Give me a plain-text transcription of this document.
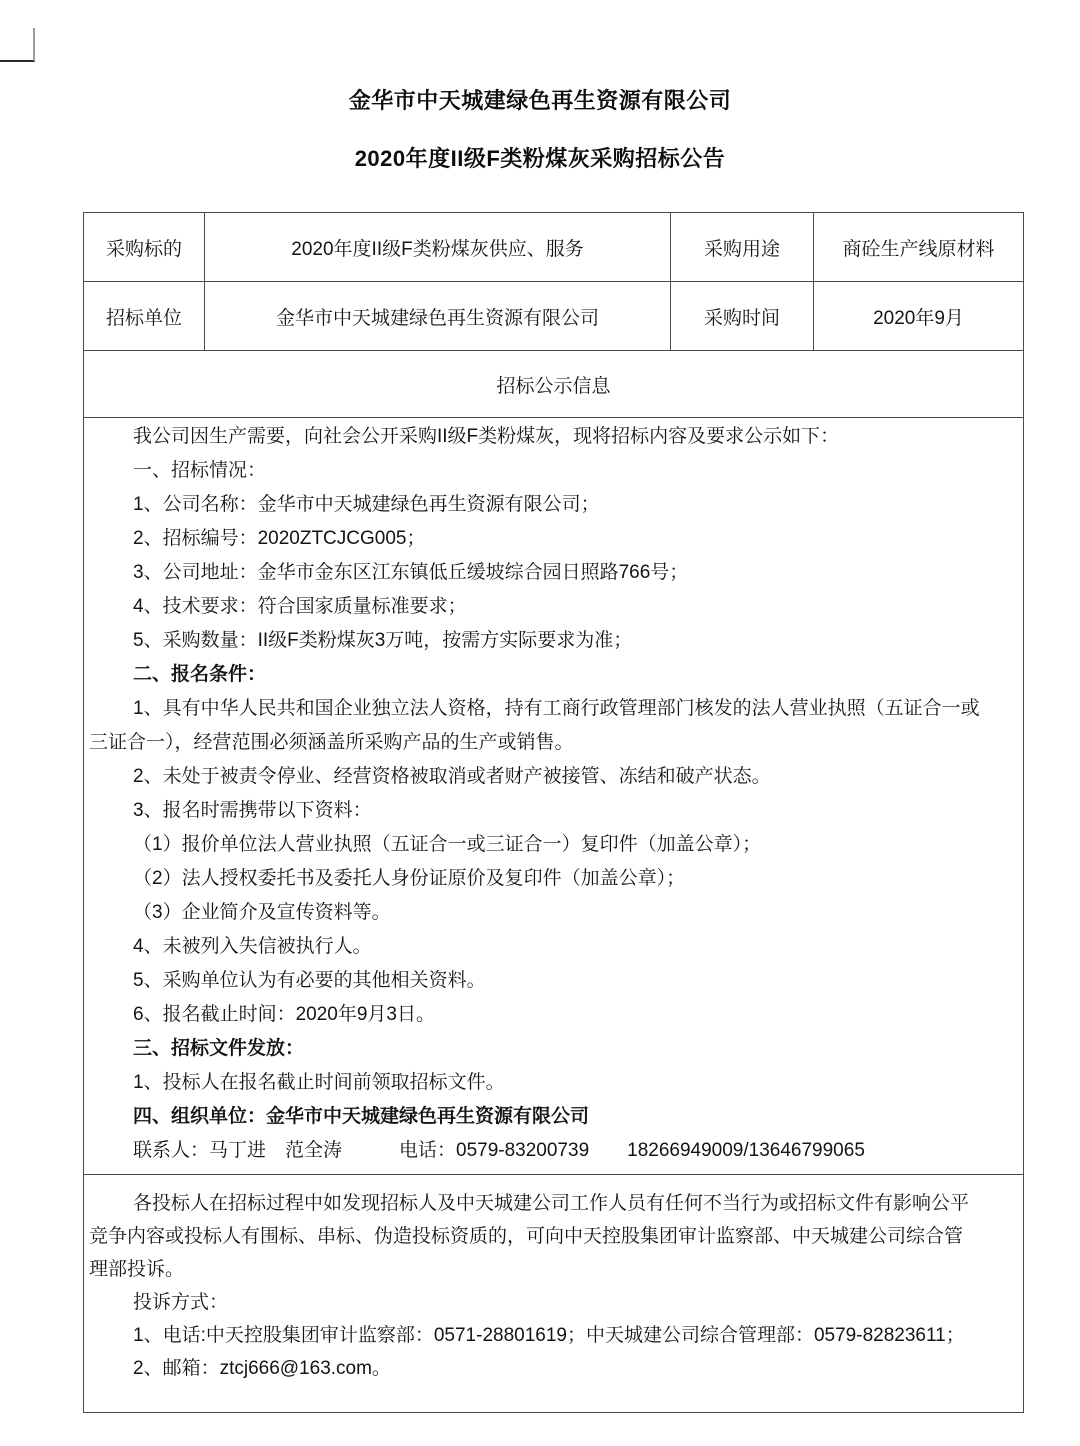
金华市中天城建绿色再生资源有限公司
2020年度II级F类粉煤灰采购招标公告
采购标的	2020年度II级F类粉煤灰供应、服务	采购用途	商砼生产线原材料
招标单位	金华市中天城建绿色再生资源有限公司	采购时间	2020年9月
招标公示信息			

我公司因生产需要，向社会公开采购II级F类粉煤灰，现将招标内容及要求公示如下：
一、招标情况：
1、公司名称：金华市中天城建绿色再生资源有限公司；
2、招标编号：2020ZTCJCG005；
3、公司地址：金华市金东区江东镇低丘缓坡综合园日照路766号；
4、技术要求：符合国家质量标准要求；
5、采购数量：II级F类粉煤灰3万吨，按需方实际要求为准；
二、报名条件：
1、具有中华人民共和国企业独立法人资格，持有工商行政管理部门核发的法人营业执照（五证合一或
三证合一），经营范围必须涵盖所采购产品的生产或销售。
2、未处于被责令停业、经营资格被取消或者财产被接管、冻结和破产状态。
3、报名时需携带以下资料：
（1）报价单位法人营业执照（五证合一或三证合一）复印件（加盖公章）；
（2）法人授权委托书及委托人身份证原价及复印件（加盖公章）；
（3）企业简介及宣传资料等。
4、未被列入失信被执行人。
5、采购单位认为有必要的其他相关资料。
6、报名截止时间：2020年9月3日。
三、招标文件发放：
1、投标人在报名截止时间前领取招标文件。
四、组织单位：金华市中天城建绿色再生资源有限公司
联系人：马丁进　范全涛　　　电话：0579-83200739　　18266949009/13646799065

各投标人在招标过程中如发现招标人及中天城建公司工作人员有任何不当行为或招标文件有影响公平
竞争内容或投标人有围标、串标、伪造投标资质的，可向中天控股集团审计监察部、中天城建公司综合管
理部投诉。
投诉方式：
1、电话:中天控股集团审计监察部：0571-28801619；中天城建公司综合管理部：0579-82823611；
2、邮箱：ztcj666@163.com。
